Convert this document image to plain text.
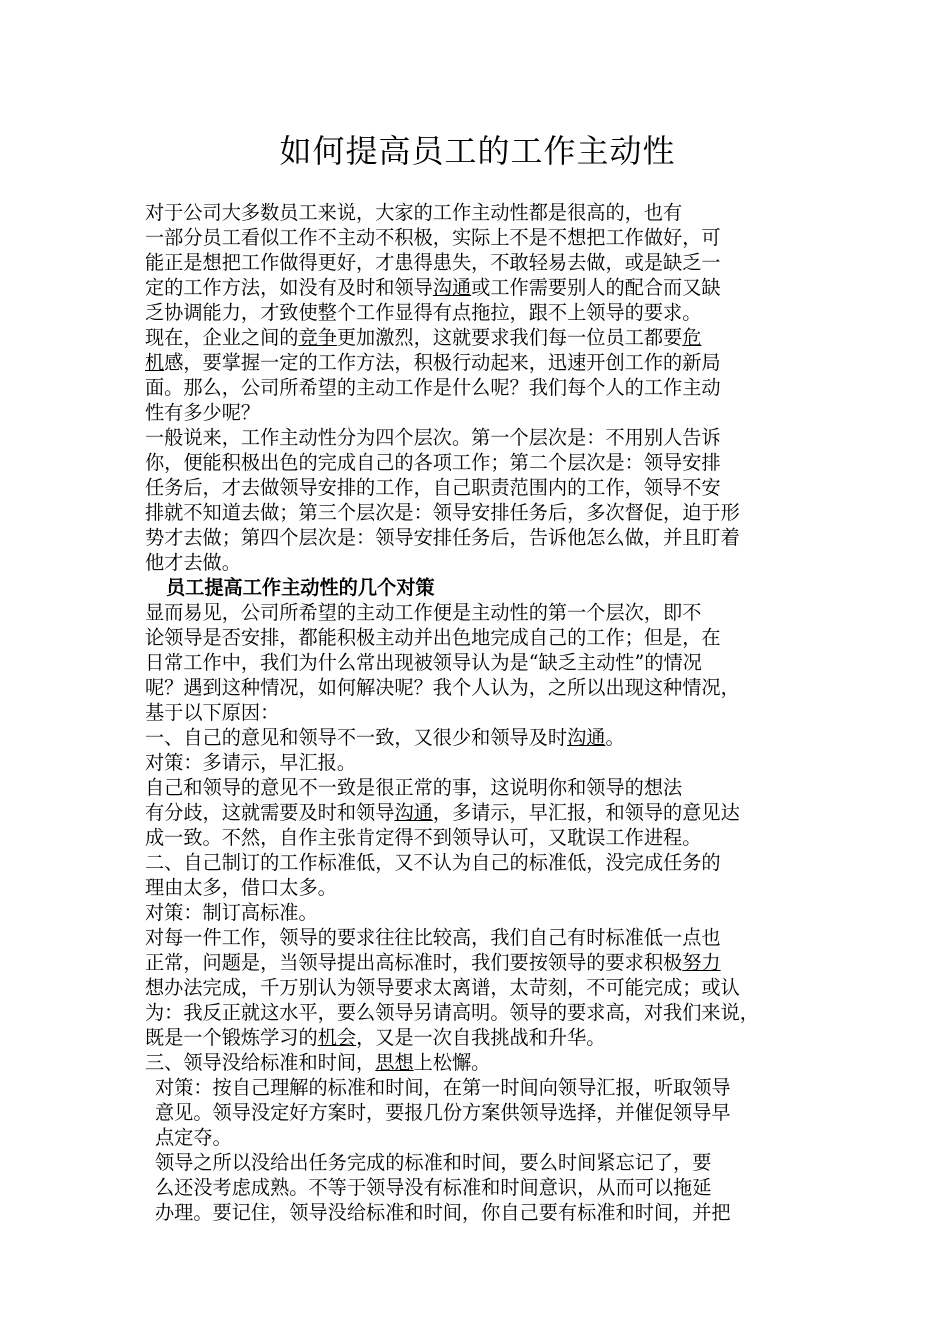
如何提高员工的工作主动性
对于公司大多数员工来说，大家的工作主动性都是很高的，也有
一部分员工看似工作不主动不积极，实际上不是不想把工作做好，可
能正是想把工作做得更好，才患得患失，不敢轻易去做，或是缺乏一
定的工作方法，如没有及时和领导沟通或工作需要别人的配合而又缺
乏协调能力，才致使整个工作显得有点拖拉，跟不上领导的要求。
现在，企业之间的竞争更加激烈，这就要求我们每一位员工都要危
机感，要掌握一定的工作方法，积极行动起来，迅速开创工作的新局
面。那么，公司所希望的主动工作是什么呢？我们每个人的工作主动
性有多少呢？
一般说来，工作主动性分为四个层次。第一个层次是：不用别人告诉
你，便能积极出色的完成自己的各项工作；第二个层次是：领导安排
任务后，才去做领导安排的工作，自己职责范围内的工作，领导不安
排就不知道去做；第三个层次是：领导安排任务后，多次督促，迫于形
势才去做；第四个层次是：领导安排任务后，告诉他怎么做，并且盯着
他才去做。
员工提高工作主动性的几个对策
显而易见，公司所希望的主动工作便是主动性的第一个层次，即不
论领导是否安排，都能积极主动并出色地完成自己的工作；但是，在
日常工作中，我们为什么常出现被领导认为是“缺乏主动性”的情况
呢？遇到这种情况，如何解决呢？我个人认为，之所以出现这种情况，
基于以下原因：
一、自己的意见和领导不一致，又很少和领导及时沟通。
对策：多请示，早汇报。
自己和领导的意见不一致是很正常的事，这说明你和领导的想法
有分歧，这就需要及时和领导沟通，多请示，早汇报，和领导的意见达
成一致。不然，自作主张肯定得不到领导认可，又耽误工作进程。
二、自己制订的工作标准低，又不认为自己的标准低，没完成任务的
理由太多，借口太多。
对策：制订高标准。
对每一件工作，领导的要求往往比较高，我们自己有时标准低一点也
正常，问题是，当领导提出高标准时，我们要按领导的要求积极努力
想办法完成，千万别认为领导要求太离谱，太苛刻，不可能完成；或认
为：我反正就这水平，要么领导另请高明。领导的要求高，对我们来说，
既是一个锻炼学习的机会，又是一次自我挑战和升华。
三、领导没给标准和时间，思想上松懈。
对策：按自己理解的标准和时间，在第一时间向领导汇报，听取领导
意见。领导没定好方案时，要报几份方案供领导选择，并催促领导早
点定夺。
领导之所以没给出任务完成的标准和时间，要么时间紧忘记了，要
么还没考虑成熟。不等于领导没有标准和时间意识，从而可以拖延
办理。要记住，领导没给标准和时间，你自己要有标准和时间，并把
